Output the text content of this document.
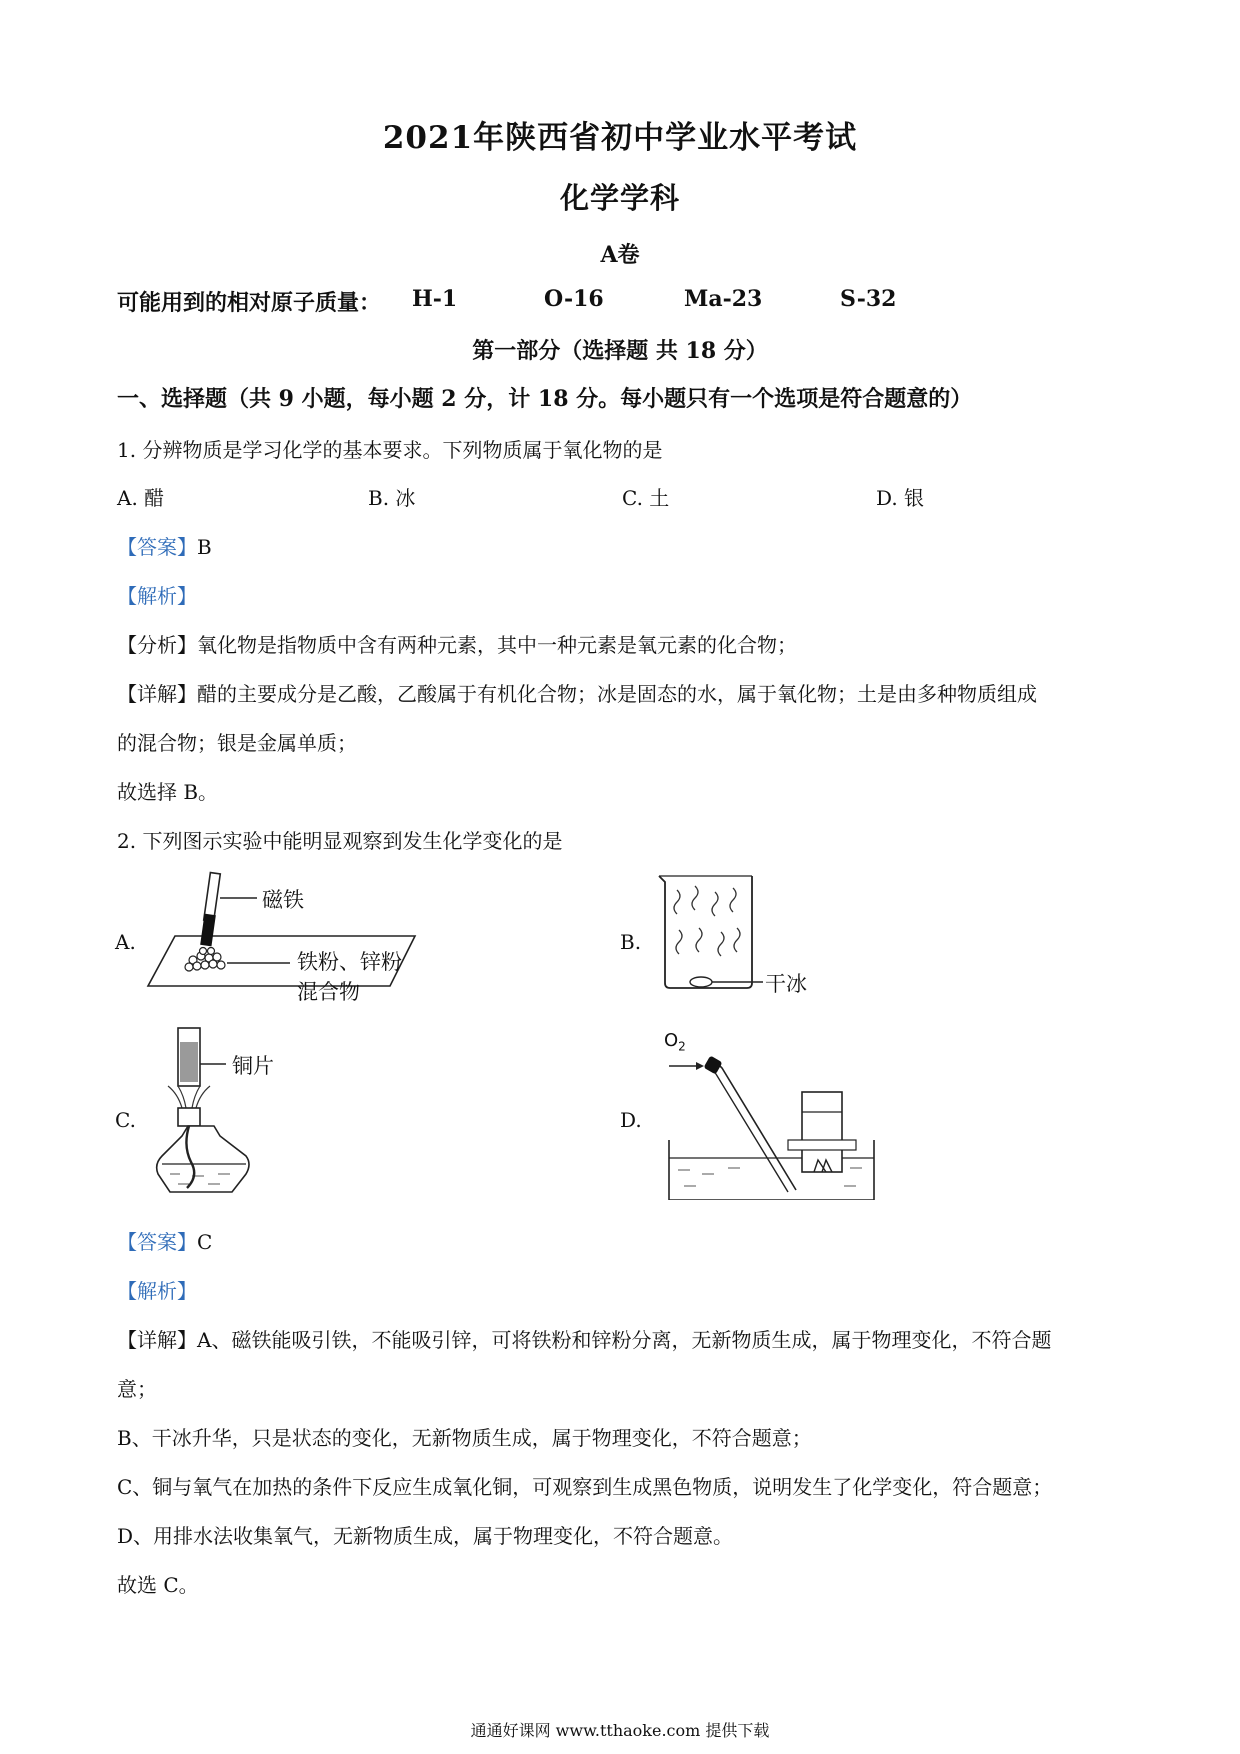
2021年陕西省初中学业水平考试
化学学科
A卷
可能用到的相对原子质量： H-1	O-16	Ma-23	S-32
第一部分（选择题 共 18 分）
一、选择题（共 9 小题，每小题 2 分，计 18 分。每小题只有一个选项是符合题意的）
1. 分辨物质是学习化学的基本要求。下列物质属于氧化物的是
A. 醋	B. 冰	C. 土	D. 银
【答案】B
【解析】
【分析】氧化物是指物质中含有两种元素，其中一种元素是氧元素的化合物；
【详解】醋的主要成分是乙酸，乙酸属于有机化合物；冰是固态的水，属于氧化物；土是由多种物质组成
的混合物；银是金属单质；
故选择 B。
2. 下列图示实验中能明显观察到发生化学变化的是
A.	B.
C.	D.
磁铁
铁粉、锌粉
混合物	干冰
铜片
$O_2$
【答案】C
【解析】
【详解】A、磁铁能吸引铁，不能吸引锌，可将铁粉和锌粉分离，无新物质生成，属于物理变化，不符合题
意；
B、干冰升华，只是状态的变化，无新物质生成，属于物理变化，不符合题意；
C、铜与氧气在加热的条件下反应生成氧化铜，可观察到生成黑色物质，说明发生了化学变化，符合题意；
D、用排水法收集氧气，无新物质生成，属于物理变化，不符合题意。
故选 C。
通通好课网 www.tthaoke.com 提供下载
